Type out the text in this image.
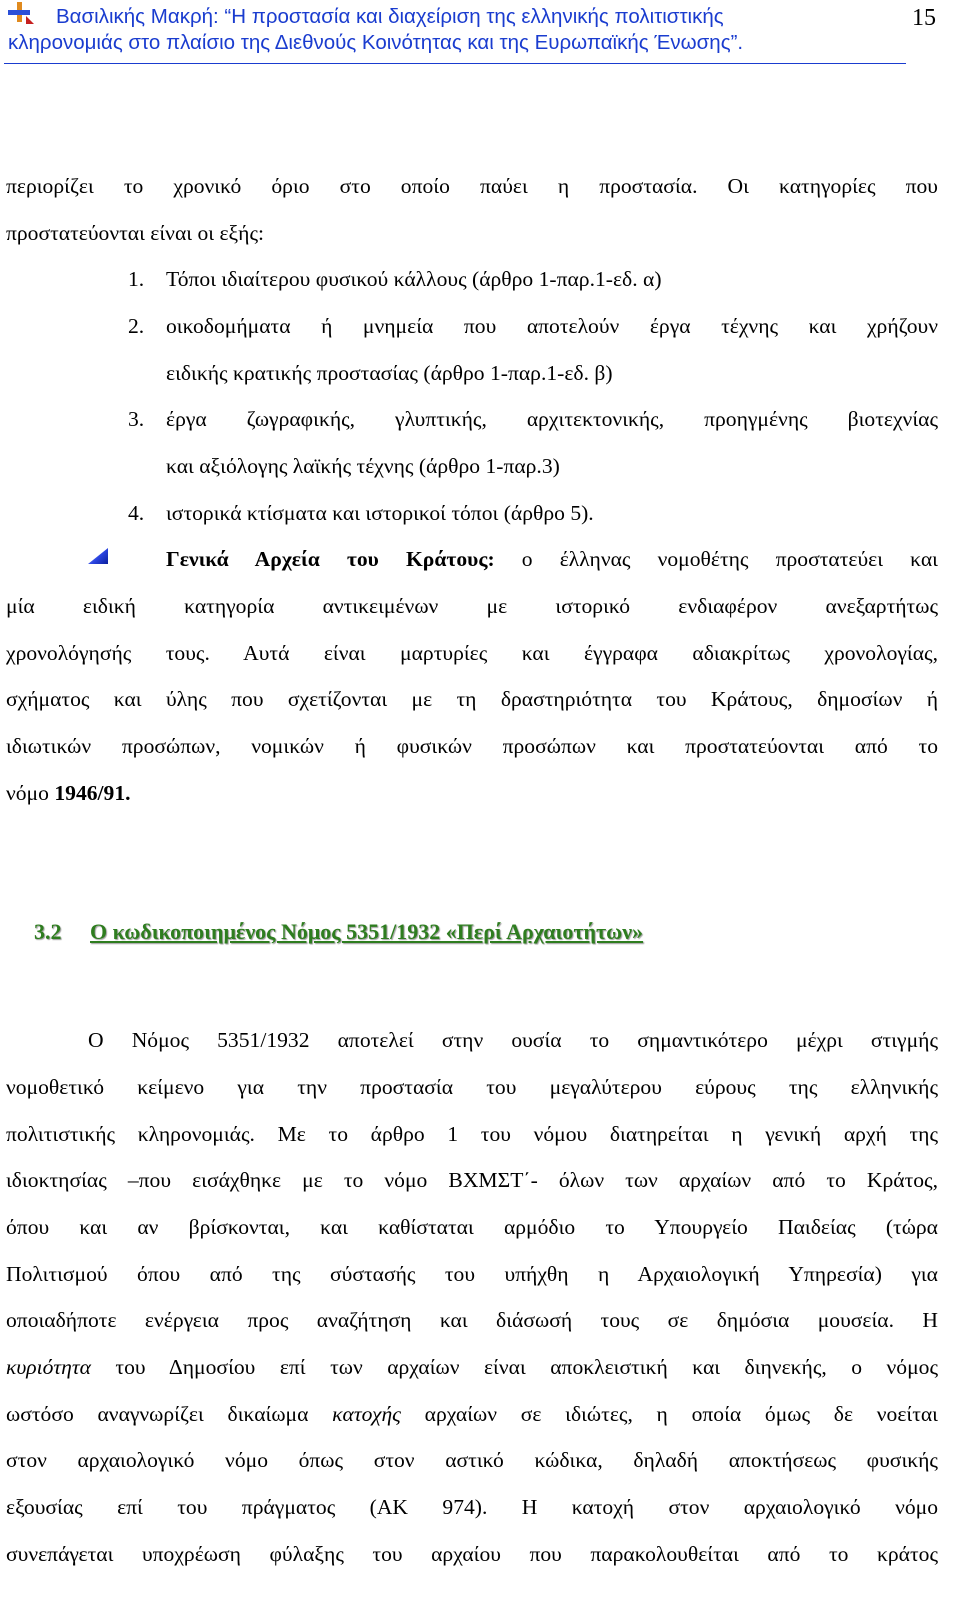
Βασιλικής Μακρή: “Η προστασία και διαχείριση της ελληνικής πολιτιστικής
κληρονομιάς στο πλαίσιο της Διεθνούς Κοινότητας και της Ευρωπαϊκής Ένωσης”.
15
περιορίζει το χρονικό όριο στο οποίο παύει η προστασία. Οι κατηγορίες που
προστατεύονται είναι οι εξής:
1. Τόποι ιδιαίτερου φυσικού κάλλους (άρθρο 1-παρ.1-εδ. α)
2.	οικοδομήματα ή μνημεία που αποτελούν έργα τέχνης και χρήζουν
ειδικής κρατικής προστασίας (άρθρο 1-παρ.1-εδ. β)
3.	έργα ζωγραφικής, γλυπτικής, αρχιτεκτονικής, προηγμένης βιοτεχνίας
και αξιόλογης λαϊκής τέχνης (άρθρο 1-παρ.3)
4. ιστορικά κτίσματα και ιστορικοί τόποι (άρθρο 5).
Γενικά Αρχεία του Κράτους: ο έλληνας νομοθέτης προστατεύει και
μία ειδική κατηγορία αντικειμένων με ιστορικό ενδιαφέρον ανεξαρτήτως
χρονολόγησής τους. Αυτά είναι μαρτυρίες και έγγραφα αδιακρίτως χρονολογίας,
σχήματος και ύλης που σχετίζονται με τη δραστηριότητα του Κράτους, δημοσίων ή
ιδιωτικών προσώπων, νομικών ή φυσικών προσώπων και προστατεύονται από το
νόμο 1946/91.
3.2 Ο κωδικοποιημένος Νόμος 5351/1932 «Περί Αρχαιοτήτων»
Ο Νόμος 5351/1932 αποτελεί στην ουσία το σημαντικότερο μέχρι στιγμής
νομοθετικό κείμενο για την προστασία του μεγαλύτερου εύρους της ελληνικής
πολιτιστικής κληρονομιάς. Με το άρθρο 1 του νόμου διατηρείται η γενική αρχή της
ιδιοκτησίας –που εισάχθηκε με το νόμο ΒΧΜΣΤ΄- όλων των αρχαίων από το Κράτος,
όπου και αν βρίσκονται, και καθίσταται αρμόδιο το Υπουργείο Παιδείας (τώρα
Πολιτισμού όπου από της σύστασής του υπήχθη η Αρχαιολογική Υπηρεσία) για
οποιαδήποτε ενέργεια προς αναζήτηση και διάσωσή τους σε δημόσια μουσεία. Η
κυριότητα του Δημοσίου επί των αρχαίων είναι αποκλειστική και διηνεκής, ο νόμος
ωστόσο αναγνωρίζει δικαίωμα κατοχής αρχαίων σε ιδιώτες, η οποία όμως δε νοείται
στον αρχαιολογικό νόμο όπως στον αστικό κώδικα, δηλαδή αποκτήσεως φυσικής
εξουσίας επί του πράγματος (ΑΚ 974). Η κατοχή στον αρχαιολογικό νόμο
συνεπάγεται υποχρέωση φύλαξης του αρχαίου που παρακολουθείται από το κράτος
